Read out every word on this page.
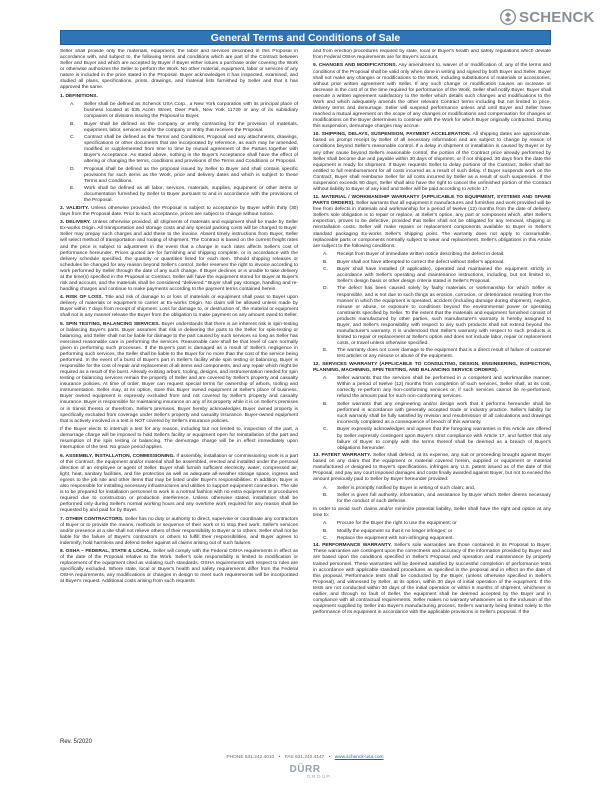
SCHENCK
General Terms and Conditions of Sale
Seller shall provide only the materials, equipment, the labor and services described in this Proposal in accordance with, and subject to, the following terms and conditions which are part of the Contract between Seller and Buyer and which are accepted by Buyer if Buyer either issues a purchase order covering the Work or otherwise authorizes the Seller to perform the Work. No other material, equipment, labor or services of any nature is included in the price stated in the Proposal. Buyer acknowledges it has inspected, examined, and studied all plans, specifications, prints, drawings, and material lists furnished by Seller and that it has approved the same.
1. DEFINITIONS.
A.	Seller shall be defined as Schenck USA Corp., a New York corporation with its principal place of business located at 535 Acorn Street, Deer Park, New York 11729 or any of its subsidiary companies or divisions issuing the Proposal to Buyer.
B.	Buyer shall be defined as the company or entity contracting for the provision of materials, equipment, labor, services and/or the company or entity that receives the Proposal.
C.	Contract shall be defined as the Terms and Conditions, Proposal and any attachments, drawings, specifications or other documents that are incorporated by reference, as each may be amended, modified or supplemented from time to time by mutual agreement of the Parties together with Buyer's Acceptance. As stated above, nothing in the Buyer's Acceptance shall have the effect of altering or changing the terms, conditions and provisions of the Terms and Conditions or Proposal.
D.	Proposal shall be defined as the proposal issued by Seller to Buyer and shall contain specific provisions for such items as the Work, price and delivery dates and which is subject to these Terms and Conditions.
E.	Work shall be defined as all labor, services, materials, supplies, equipment or other items or documentation furnished by Seller to Buyer pursuant to and in accordance with the provisions of the Proposal.
2. VALIDITY. Unless otherwise provided, the Proposal is subject to acceptance by Buyer within thirty (30) days from the Proposal date. Prior to such acceptance, prices are subject to change without notice.
3. DELIVERY. Unless otherwise provided, all shipments of materials and equipment shall be made by Seller Ex-works Origin. All transportation and storage costs and any special packing costs will be charged to Buyer. Seller may prepay such charges and add these to the invoice. Absent timely instructions from Buyer, Seller will select method of transportation and routing of shipment. The Contract is based on the current freight rates and the price is subject to adjustment in the event that a change in such rates affects Seller's cost of performance hereunder. Prices quoted are for furnishing and shipping complete, or in accordance with the delivery schedule specified, the quantity or quantities listed for each item. Should shipping releases or schedules be changed for any reason beyond Seller's control, Seller reserves the right to invoice according to work performed by Seller through the date of any such change. If Buyer declines or is unable to take delivery at the time(s) specified in the Proposal or Contract, Seller will have the equipment stored for Buyer at Buyer's risk and account, and the materials shall be considered "delivered." Buyer shall pay storage, handling and re-handling charges and continue to make payments according to the payment terms contained herein.
4. RISK OF LOSS. Title and risk of damage to or loss of materials or equipment shall pass to Buyer upon delivery of materials or equipment to carrier at Ex-works Origin. No claim will be allowed unless made by Buyer within 7 days from receipt of shipment. Loss for damage to, or destruction of, the material or equipment shall not in any manner release the Buyer from the obligation to make payment on any amount owed to Seller.
5. SPIN TESTING, BALANCING SERVICES. Buyer understands that there is an inherent risk in spin-testing or balancing Buyer's parts. Buyer assumes that risk in delivering the parts to the Seller for spin-testing or balancing, and Seller shall not be liable for damage to the part caused by such services so long as Seller has exercised reasonable care in performing the services. Reasonable care shall be that level of care normally given in performing such processes. If the Buyer's part is damaged as a result of Seller's negligence in performing such services, the Seller shall be liable to the Buyer for no more than the cost of the service being performed. In the event of a burst of Buyer's part in Seller's facility while spin testing or balancing, Buyer is responsible for the cost of repair and replacement of all items and components, and any repair which might be required as a result of the burst. Already existing arbors, tooling, designs, and instrumentation needed for spin testing or balancing services remain the property of Seller and are covered by Seller's property and casualty insurance policies. At time of order, Buyer can request special terms for ownership of arbors, tooling and instrumentation. Seller may, at its option, store this Buyer owned equipment at Seller's place of business. Buyer owned equipment is expressly excluded from and not covered by Seller's property and casualty insurance. Buyer is responsible for maintaining insurance on any of its property while it is on Seller's premises or in transit thereto or therefrom. Seller's premises. Buyer hereby acknowledges Buyer owned property is specifically excluded from coverage under Seller's property and casualty insurance. Buyer-owned equipment that is actively involved in a test is NOT covered by Seller's insurance policies.
If the Buyer elects to interrupt a test for any reason, including but not limited to, inspection of the part, a demurrage charge will be imposed to hold Seller's facility or equipment open for reinstallation of the part and resumption of the spin testing or balancing. The demurrage charge will be in effect immediately upon interruption of the test. No grace period applies.
6. ASSEMBLY, INSTALLATION, COMMISSIONING. If assembly, installation or commissioning work is a part of this Contract, the equipment and/or material shall be assembled, erected and installed under the personal direction of an employee or agent of Seller. Buyer shall furnish sufficient electricity, water, compressed air, light, heat, sanitary facilities, and fire protection as well as adequate all-weather storage space, ingress and egress to the job site and other items that may be listed under Buyer's responsibilities. In addition, Buyer is also responsible for installing necessary infrastructures and utilities to support equipment connection. The site is to be prepared for installation personnel to work in a normal fashion with no extra equipment or procedures required due to construction or production interference. Unless otherwise stated, installation shall be performed only during Seller's normal working hours and any overtime work required for any reason shall be requested by and paid for by Buyer.
7. OTHER CONTRACTORS. Seller has no duty or authority to direct, supervise or coordinate any contractors of Buyer or to provide the means, methods or sequence of their work or to stop their work. Seller's services and/or presence at a site shall not relieve others of their responsibility to Buyer or to others. Seller shall not be liable for the failure of Buyer's contractors or others to fulfill their responsibilities, and Buyer agrees to indemnify, hold harmless and defend Seller against all claims arising out of such failures.
8. OSHA – FEDERAL, STATE & LOCAL. Seller will comply with the Federal OSHA requirements in effect as of the date of the Proposal relative to the Work. Seller's sole responsibility is limited to modification or replacement of the equipment cited as violating such standards. OSHA requirements with respect to rules are specifically excluded. Where state, local or Buyer's health and safety requirements differ from the Federal OSHA requirements, any modifications or changes in design to meet such requirements will be incorporated at Buyer's request. Additional costs arising from such requests
and from erection procedures required by state, local or Buyer's health and safety regulations which deviate from Federal OSHA requirements are for Buyer's account.
9. CHANGES AND MODIFICATIONS. Any amendment to, waiver of or modification of, any of the terms and conditions of the Proposal shall be valid only when done in writing and signed by both Buyer and Seller. Buyer shall not make any changes or modifications to the Work, including substitutions of materials or accessories, without prior written agreement with Seller. If any such change or modification causes an increase or decrease in the cost of or the time required for performance of the Work, Seller shall notify Buyer. Buyer shall execute a written agreement satisfactory to the Seller which details such changes and modifications to the Work and which adequately amends the other relevant Contract terms including but not limited to price, delivery terms and demurrage. Seller will suspend performance unless and until Buyer and Seller have reached a mutual agreement on the scope of any changes or modifications and compensation for changes or modifications on the Buyer determines to continue with the Work for which Buyer originally contracted. During this suspension, demurrage charges may accrue.
10. SHIPPING, DELAYS, SUSPENSION, PAYMENT ACCELERATION. All shipping dates are approximate, based on prompt receipt by Seller of all necessary information and are subject to change by reason of conditions beyond Seller's reasonable control. If a delay in shipment or installation is caused by Buyer or by any other cause beyond Seller's reasonable control, the portion of the Contract price already performed by Seller shall become due and payable within 30 days of shipment, or if not shipped, 30 days from the date the equipment is ready for shipment. If Buyer requests Seller to delay portions of the Contract, Seller shall be entitled to full reimbursement for all costs incurred as a result of such delay. If Buyer suspends work on the Contract, Buyer shall reimburse Seller for all costs incurred by Seller as a result of such suspension. If the suspension exceeds 90 days, Seller shall also have the right to cancel the unfinished portion of the Contract without liability to Buyer of any kind and Seller will be paid according to Article 17.
11. MATERIAL / WORKMANSHIP WARRANTY (APPLICABLE TO EQUIPMENT, SYSTEMS AND SPARE PARTS ORDERS). Seller warrants that all equipment it manufactures and furnishes and work provided will be free from defects in materials and workmanship for a period of twelve (12) months from the date of delivery. Seller's sole obligation is to repair or replace, at Seller's option, any part or component which, after Seller's inspection, proves to be defective, provided that Seller shall not be obligated for any removal, shipping or reinstallation costs. Seller will make repairs or replacement components available to Buyer in Seller's standard packaging Ex-works Seller's shipping point. The warranty does not apply to consumable, replaceable parts or components normally subject to wear and replacement. Seller's obligations in this Article are subject to the following conditions:
A.	Receipt from Buyer of immediate written notice describing the defect in detail.
B.	Buyer shall not have attempted to correct the defect without Seller's approval.
C.	Buyer shall have installed (if applicable), operated and maintained the equipment strictly in accordance with Seller's operating and maintenance instructions, including, but not limited to, Seller's design basis or other design criteria stated in Seller's Proposal.
D.	The defect has been caused solely by faulty materials or workmanship for which Seller is responsible, and is not due to such things as erosion, corrosion, or deterioration resulting from the manner in which the equipment is operated, accident (including damage during shipment), neglect, misuse or abuse, or exposure to conditions beyond the environmental power or operating constraints specified by Seller. To the extent that the materials and equipment furnished consist of products manufactured by other parties, such manufacturer's warranty is hereby assigned to Buyer, and Seller's responsibility with respect to any such products shall not extend beyond the manufacturer's warranty. It is understood that Seller's warranty with respect to such products is limited to repair or replacement at Seller's option and does not include labor, repair or replacement costs, or travel unless otherwise specified.
E.	The warranty does not cover damage to the equipment that is a direct result of failure of customer test articles or any misuse or abuse of the equipment.
12. SERVICES WARRANTY (APPLICABLE TO CONSULTING, DESIGN, ENGINEERING, INSPECTION, PLANNING, MACHINING, SPIN TESTING, AND BALANCING SERVICE ORDERS).
A.	Seller warrants that the services shall be performed in a competent and workmanlike manner. Within a period of twelve (12) months from completion of such services, Seller shall, at its cost, correctly re-perform any non-conforming services or, if such services cannot be re-performed, refund the amount paid for such non-conforming services.
B.	Seller warrants that any engineering and/or design work that it performs hereunder shall be performed in accordance with generally accepted trade or industry practice. Seller's liability for such warranty shall be fully satisfied by revision and resubmission of all calculations and drawings incorrectly completed as a consequence of breach of this warranty.
C.	Buyer expressly acknowledges and agrees that the foregoing warranties in this Article are offered by Seller expressly contingent upon Buyer's strict compliance with Article 17, and further that any failure of Buyer to comply with the terms thereof shall be deemed as a breach of Buyer's obligations hereunder.
13. PATENT WARRANTY. Seller shall defend, at its expense, any suit or proceeding brought against Buyer based on any claim that the equipment or material covered herein, supplied or equipment or material manufactured or designed to Buyer's specifications, infringes any U.S. patent issued as of the date of this Proposal, and pay any court imposed damages and costs finally awarded against Buyer, but not to exceed the amount previously paid to Seller by Buyer hereunder provided:
A.	Seller is promptly notified by Buyer in writing of such claim; and,
B.	Seller is given full authority, information, and assistance by Buyer which Seller deems necessary for the conduct of such defense.
In order to avoid such claims and/or minimize potential liability, Seller shall have the right and option at any time to:
A.	Procure for the Buyer the right to use the equipment; or
B.	Modify the equipment so that it no longer infringes; or
C.	Replace the equipment with non-infringing equipment.
14. PERFORMANCE WARRANTY. Seller's sole warranties are those contained in its Proposal to Buyer. These warranties are contingent upon the correctness and accuracy of the information provided by Buyer and are based upon the conditions specified in Seller's Proposal and operation and maintenance by properly trained personnel. These warranties will be deemed satisfied by successful completion of performance tests in accordance with applicable standard procedures as specified in the proposal and in effect on the date of this proposal. Performance tests shall be conducted by the Buyer, (unless otherwise specified in Seller's Proposal), and witnessed by Seller, at its option, within 30 days of initial operation of the equipment. If the tests are not conducted within 30 days of the initial operation or within 6 months of shipment, whichever is earlier, and through no fault of Seller, the equipment shall be deemed accepted by the Buyer and in compliance with all contractual requirements. Seller makes no warranty whatsoever as to the inclusion of the equipment supplied by Seller into Buyer's manufacturing process, Seller's warranty being limited solely to the performance of its equipment in accordance with the applicable provisions in Seller's proposal. If the
Rev. 5/2020
PHONE 631.242.4010 • FAX 631.242.4147 • www.schenck-usa.com
DÜRR
GROUP.
